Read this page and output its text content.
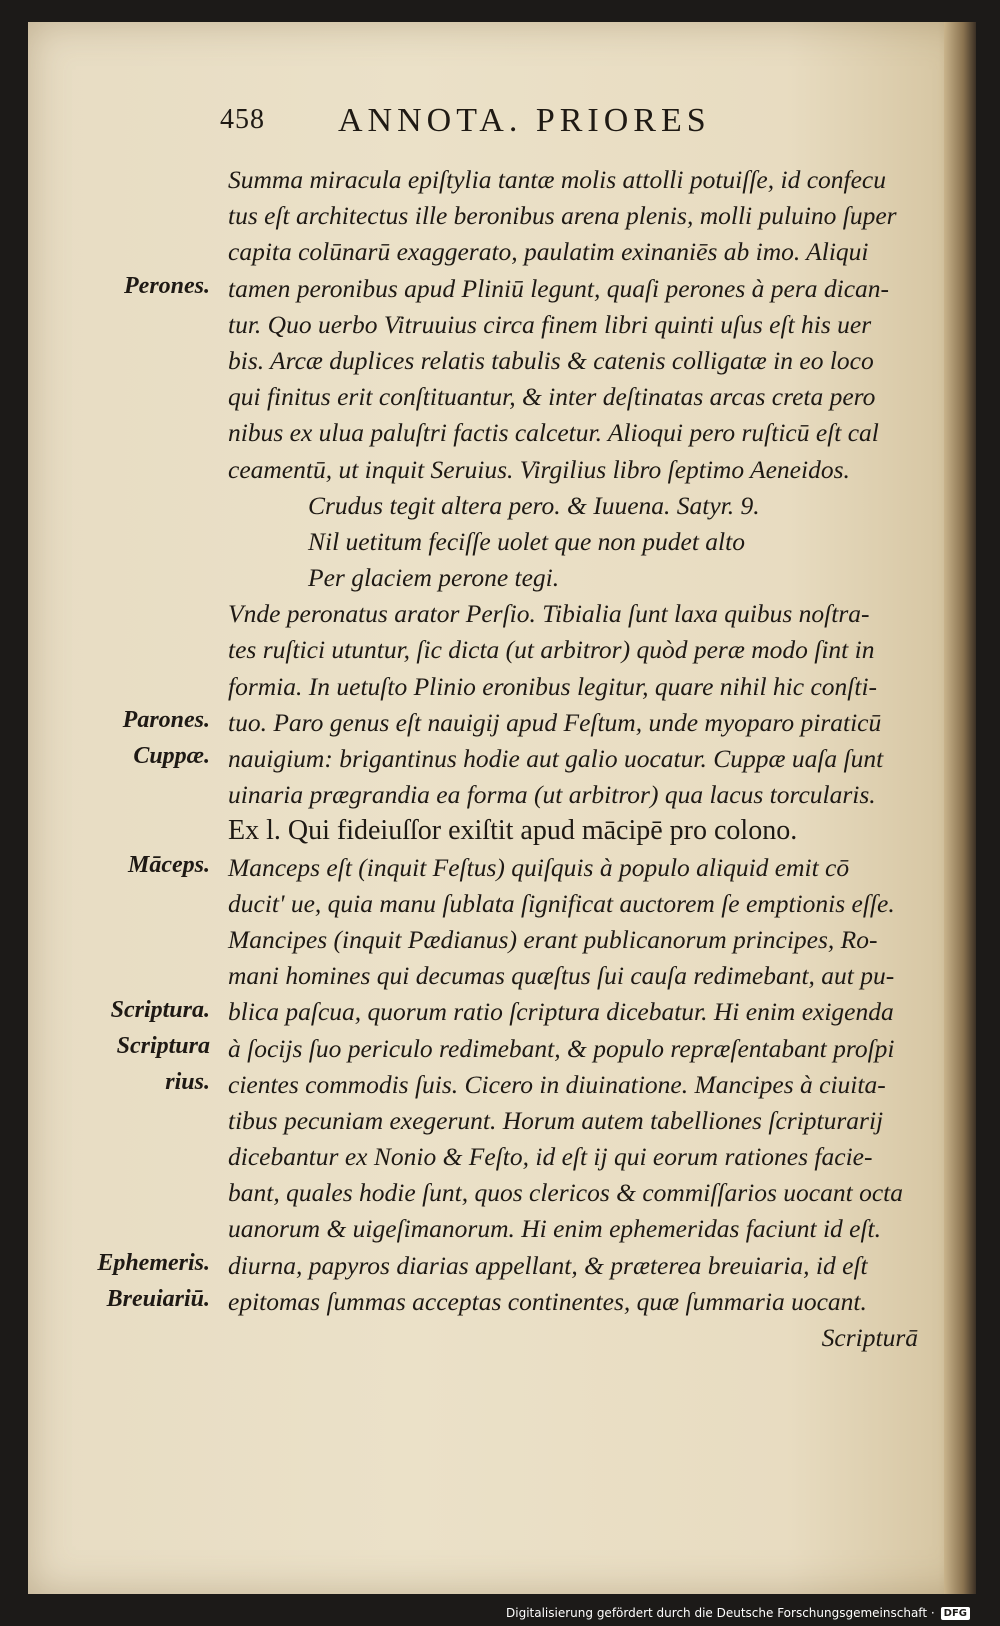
458 ANNOTA. PRIORES
Summa miracula epiſtylia tantæ molis attolli potuiſſe, id confecu
tus eſt architectus ille beronibus arena plenis, molli puluino ſuper
capita colūnarū exaggerato, paulatim exinaniēs ab imo. Aliqui
tamen peronibus apud Pliniū legunt, quaſi perones à pera dican-
tur. Quo uerbo Vitruuius circa finem libri quinti uſus eſt his uer
bis. Arcæ duplices relatis tabulis & catenis colligatæ in eo loco
qui finitus erit conſtituantur, & inter deſtinatas arcas creta pero
nibus ex ulua paluſtri factis calcetur. Alioqui pero ruſticū eſt cal
ceamentū, ut inquit Seruius. Virgilius libro ſeptimo Aeneidos.
Crudus tegit altera pero. & Iuuena. Satyr. 9.
Nil uetitum feciſſe uolet que non pudet alto
Per glaciem perone tegi.
Vnde peronatus arator Perſio. Tibialia ſunt laxa quibus noſtra-
tes ruſtici utuntur, ſic dicta (ut arbitror) quòd peræ modo ſint in
formia. In uetuſto Plinio eronibus legitur, quare nihil hic conſti-
tuo. Paro genus eſt nauigij apud Feſtum, unde myoparo piraticū
nauigium: brigantinus hodie aut galio uocatur. Cuppæ uaſa ſunt
uinaria prægrandia ea forma (ut arbitror) qua lacus torcularis.
Ex l. Qui fideiuſſor exiſtit apud mācipē pro colono.
Manceps eſt (inquit Feſtus) quiſquis à populo aliquid emit cō
ducit' ue, quia manu ſublata ſignificat auctorem ſe emptionis eſſe.
Mancipes (inquit Pædianus) erant publicanorum principes, Ro-
mani homines qui decumas quæſtus ſui cauſa redimebant, aut pu-
blica paſcua, quorum ratio ſcriptura dicebatur. Hi enim exigenda
à ſocijs ſuo periculo redimebant, & populo repræſentabant proſpi
cientes commodis ſuis. Cicero in diuinatione. Mancipes à ciuita-
tibus pecuniam exegerunt. Horum autem tabelliones ſcripturarij
dicebantur ex Nonio & Feſto, id eſt ij qui eorum rationes facie-
bant, quales hodie ſunt, quos clericos & commiſſarios uocant octa
uanorum & uigeſimanorum. Hi enim ephemeridas faciunt id eſt.
diurna, papyros diarias appellant, & præterea breuiaria, id eſt
epitomas ſummas acceptas continentes, quæ ſummaria uocant.
Scripturā
Perones.
Parones.
Cuppæ.
Māceps.
Scriptura.
Scriptura
rius.
Ephemeris.
Breuiariū.
Digitalisierung gefördert durch die Deutsche Forschungsgemeinschaft · DFG
